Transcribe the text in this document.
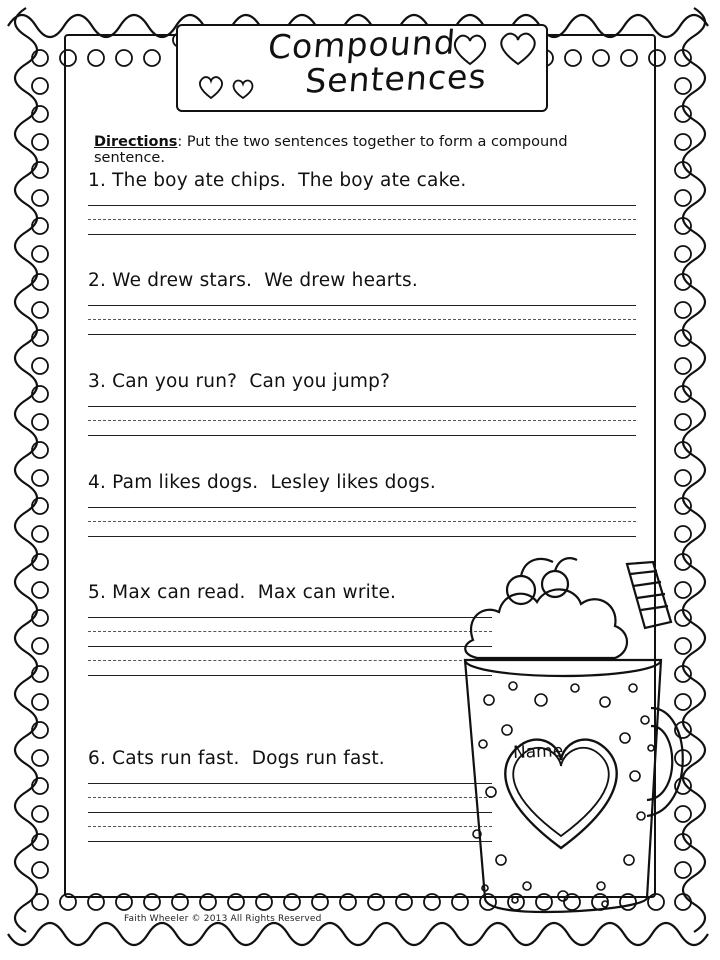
Compound
Sentences
Directions: Put the two sentences together to form a compound sentence.
1. The boy ate chips.  The boy ate cake.
2. We drew stars.  We drew hearts.
3. Can you run?  Can you jump?
4. Pam likes dogs.  Lesley likes dogs.
5. Max can read.  Max can write.
6. Cats run fast.  Dogs run fast.
Faith Wheeler © 2013 All Rights Reserved
Name:
